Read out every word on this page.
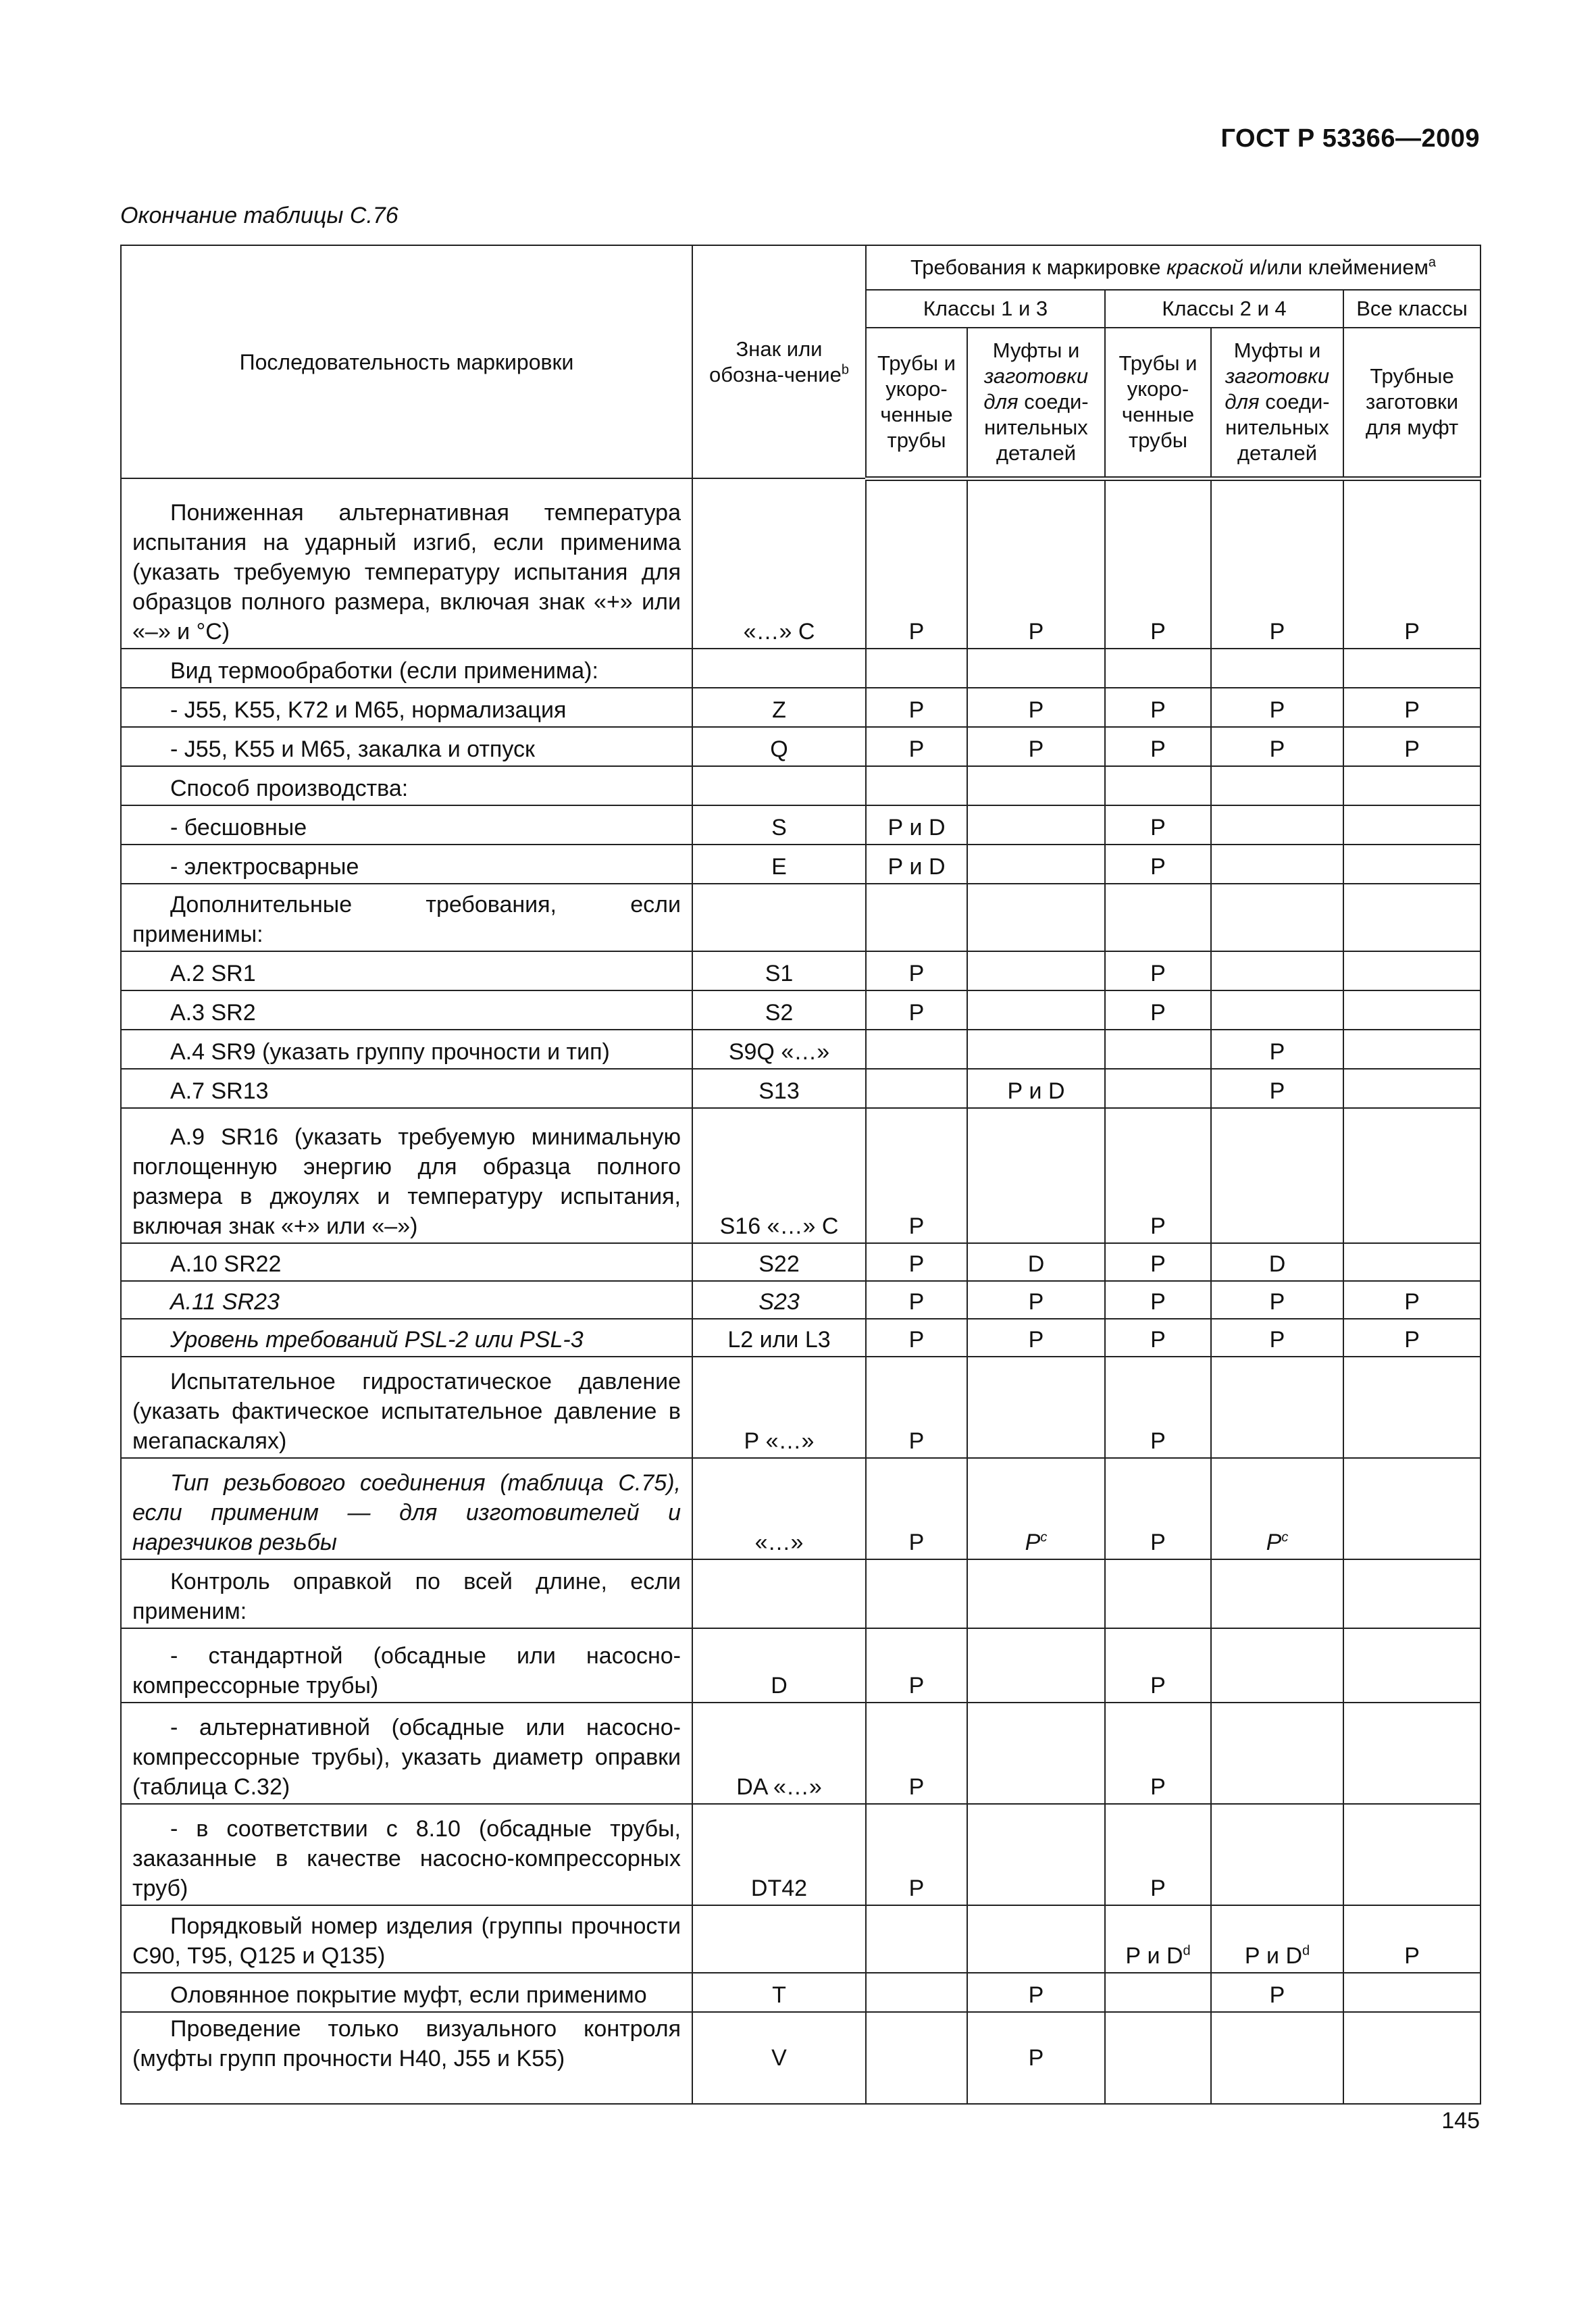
ГОСТ Р 53366—2009
Окончание таблицы С.76
Последовательность маркировки	Знак или обозна-чение$^b$	Требования к маркировке краской и/или клеймением$^a$
		Классы 1 и 3		Классы 2 и 4		Все классы
		Трубы и укоро-ченные трубы	Муфты и заготовки для соеди-нительных деталей	Трубы и укоро-ченные трубы	Муфты и заготовки для соеди-нительных деталей	Трубные заготовки для муфт
Пониженная альтернативная температура испытания на ударный изгиб, если применима (указать требуемую температуру испытания для образцов полного размера, включая знак «+» или «–» и °С)	«…» С	Р	Р	Р	Р	Р
Вид термообработки (если применима):						
- J55, K55, K72 и М65, нормализация	Z	Р	Р	Р	Р	Р
- J55, K55 и М65, закалка и отпуск	Q	Р	Р	Р	Р	Р
Способ производства:						
- бесшовные	S	Р и D		Р		
- электросварные	E	Р и D		Р		
Дополнительные требования, если применимы:						
А.2 SR1	S1	Р		Р		
А.3 SR2	S2	Р		Р		
А.4 SR9 (указать группу прочности и тип)	S9Q «…»				Р	
А.7 SR13	S13		Р и D		Р	
А.9 SR16 (указать требуемую минимальную поглощенную энергию для образца полного размера в джоулях и температуру испытания, включая знак «+» или «–»)	S16 «…» С	Р		Р		
А.10 SR22	S22	Р	D	Р	D	
А.11 SR23	S23	Р	Р	Р	Р	Р
Уровень требований PSL-2 или PSL-3	L2 или L3	Р	Р	Р	Р	Р
Испытательное гидростатическое давление (указать фактическое испытательное давление в мегапаскалях)	Р «…»	Р		Р		
Тип резьбового соединения (таблица С.75), если применим — для изготовителей и нарезчиков резьбы	«…»	Р	$Р^c$	Р	$Р^c$	
Контроль оправкой по всей длине, если применим:						
- стандартной (обсадные или насосно-компрессорные трубы)	D	Р		Р		
- альтернативной (обсадные или насосно-компрессорные трубы), указать диаметр оправки (таблица С.32)	DA «…»	Р		Р		
- в соответствии с 8.10 (обсадные трубы, заказанные в качестве насосно-компрессорных труб)	DT42	Р		Р		
Порядковый номер изделия (группы прочности С90, Т95, Q125 и Q135)				Р и $D^d$	Р и $D^d$	Р
Оловянное покрытие муфт, если применимо	T		Р		Р	
Проведение только визуального контроля (муфты групп прочности Н40, J55 и K55)	V		Р			
145
